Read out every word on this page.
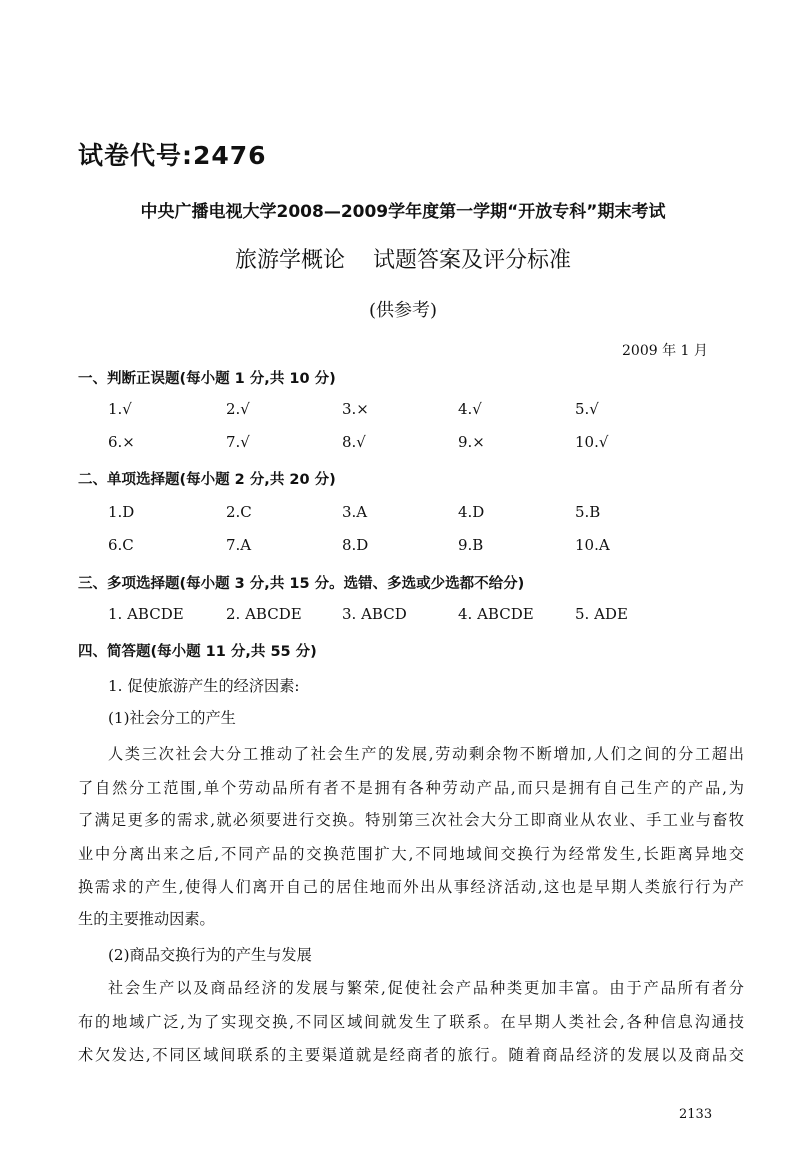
试卷代号:2476
中央广播电视大学2008—2009学年度第一学期“开放专科”期末考试
旅游学概论 试题答案及评分标准
(供参考)
2009 年 1 月
一、判断正误题(每小题 1 分,共 10 分)
1.√	2.√	3.×	4.√	5.√
6.×	7.√	8.√	9.×	10.√
二、单项选择题(每小题 2 分,共 20 分)
1.D	2.C	3.A	4.D	5.B
6.C	7.A	8.D	9.B	10.A
三、多项选择题(每小题 3 分,共 15 分。选错、多选或少选都不给分)
1. ABCDE	2. ABCDE	3. ABCD	4. ABCDE	5. ADE
四、简答题(每小题 11 分,共 55 分)
1. 促使旅游产生的经济因素:
(1)社会分工的产生
人类三次社会大分工推动了社会生产的发展,劳动剩余物不断增加,人们之间的分工超出
了自然分工范围,单个劳动品所有者不是拥有各种劳动产品,而只是拥有自己生产的产品,为
了满足更多的需求,就必须要进行交换。特别第三次社会大分工即商业从农业、手工业与畜牧
业中分离出来之后,不同产品的交换范围扩大,不同地域间交换行为经常发生,长距离异地交
换需求的产生,使得人们离开自己的居住地而外出从事经济活动,这也是早期人类旅行行为产
生的主要推动因素。
(2)商品交换行为的产生与发展
社会生产以及商品经济的发展与繁荣,促使社会产品种类更加丰富。由于产品所有者分
布的地域广泛,为了实现交换,不同区域间就发生了联系。在早期人类社会,各种信息沟通技
术欠发达,不同区域间联系的主要渠道就是经商者的旅行。随着商品经济的发展以及商品交
2133
